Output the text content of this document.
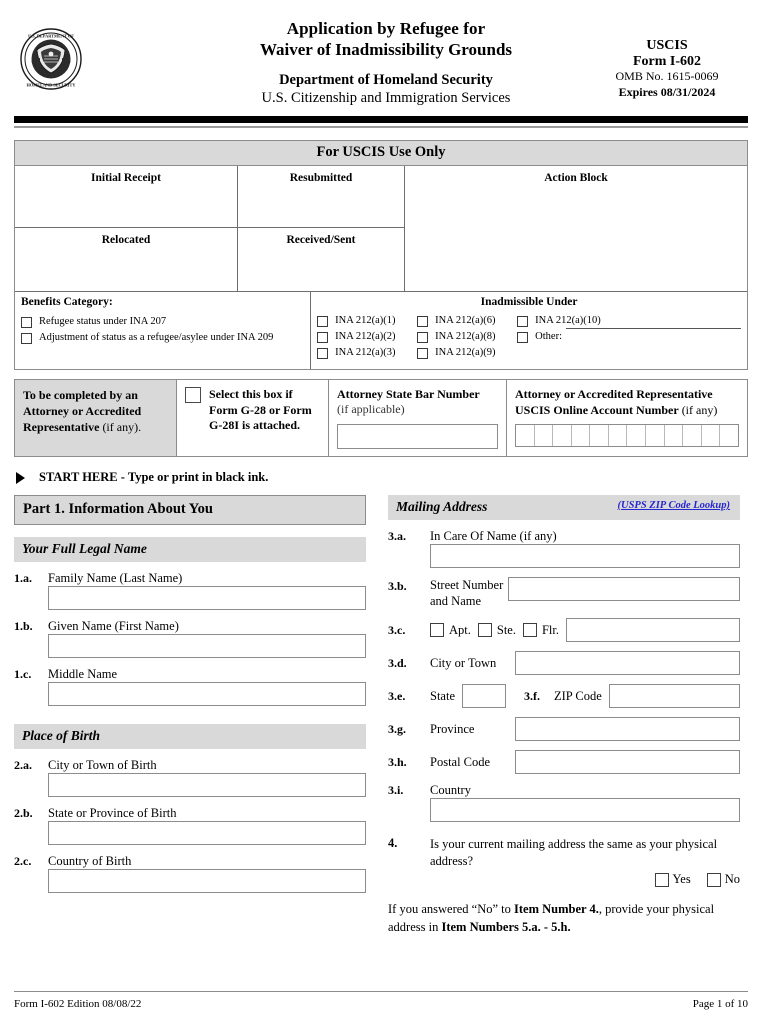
U.S. DEPARTMENT OF
HOMELAND SECURITY
Application by Refugee for
Waiver of Inadmissibility Grounds
Department of Homeland Security
U.S. Citizenship and Immigration Services
USCIS
Form I-602
OMB No. 1615-0069
Expires 08/31/2024
For USCIS Use Only
Initial Receipt
Relocated
Resubmitted
Received/Sent
Action Block
Benefits Category:
Refugee status under INA 207
Adjustment of status as a refugee/asylee under INA 209
Inadmissible Under
INA 212(a)(1)
INA 212(a)(2)
INA 212(a)(3)
INA 212(a)(6)
INA 212(a)(8)
INA 212(a)(9)
INA 212(a)(10)
Other:
To be completed by an Attorney or Accredited Representative (if any).
Select this box if Form G-28 or Form G-28I is attached.
Attorney State Bar Number
(if applicable)
Attorney or Accredited Representative USCIS Online Account Number (if any)
START HERE - Type or print in black ink.
Part 1. Information About You
Your Full Legal Name
1.a.	Family Name (Last Name)
1.b.	Given Name (First Name)
1.c.	Middle Name
Place of Birth
2.a.	City or Town of Birth
2.b.	State or Province of Birth
2.c.	Country of Birth
Mailing Address	(USPS ZIP Code Lookup)
3.a.	In Care Of Name (if any)
3.b.	Street Number
and Name
3.c.	Apt. Ste. Flr.
3.d.	City or Town
3.e.	State	3.f.	ZIP Code
3.g.	Province
3.h.	Postal Code
3.i.	Country
4.	Is your current mailing address the same as your physical address?
Yes	No
If you answered “No” to Item Number 4., provide your physical address in Item Numbers 5.a. - 5.h.
Form I-602 Edition 08/08/22	Page 1 of 10
